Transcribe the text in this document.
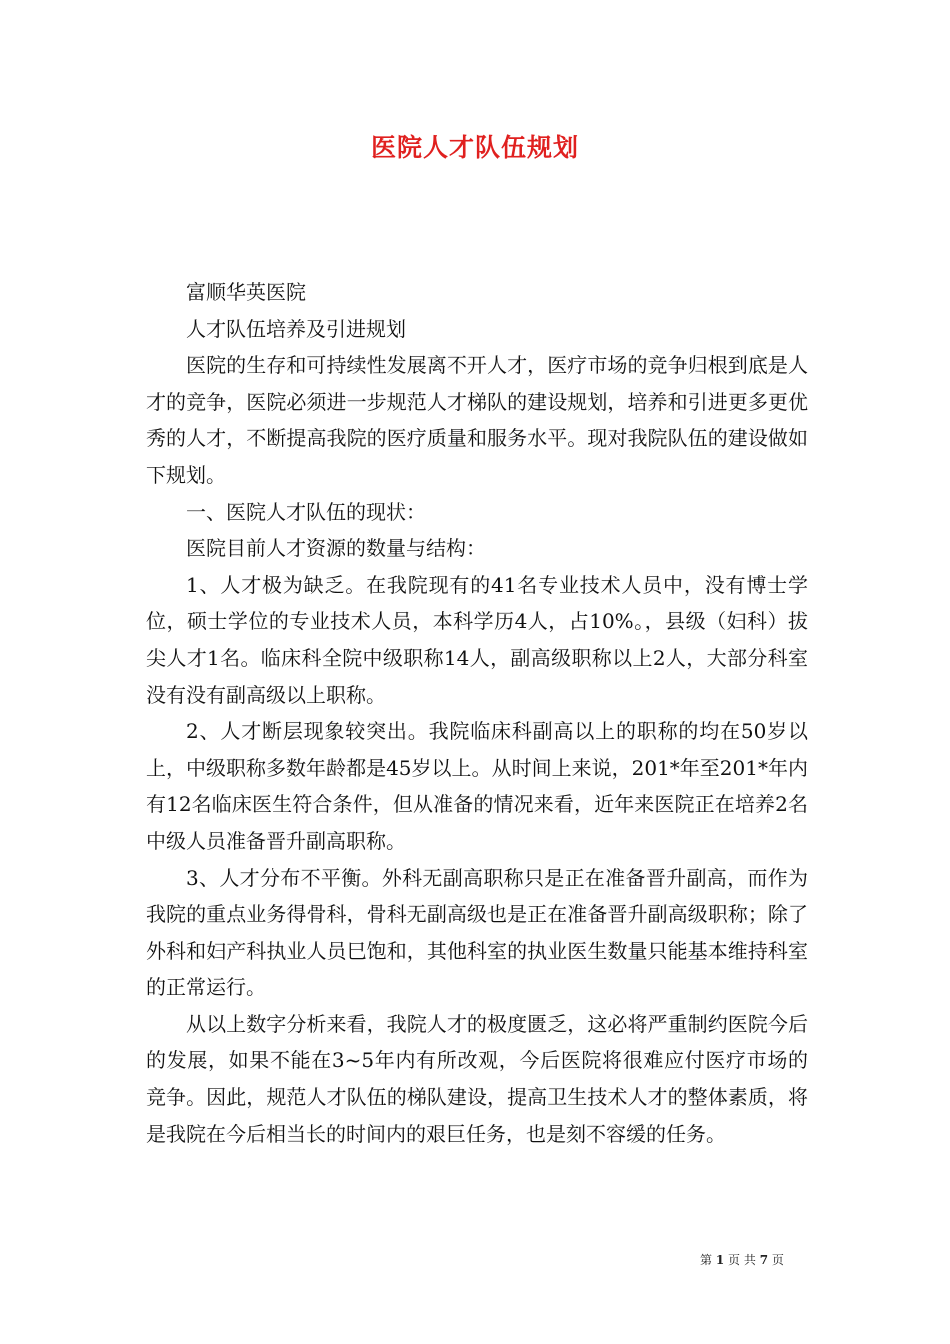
医院人才队伍规划

富顺华英医院

人才队伍培养及引进规划

医院的生存和可持续性发展离不开人才，医疗市场的竞争归根到底是人才的竞争，医院必须进一步规范人才梯队的建设规划，培养和引进更多更优秀的人才，不断提高我院的医疗质量和服务水平。现对我院队伍的建设做如下规划。

一、医院人才队伍的现状：

医院目前人才资源的数量与结构：

1、人才极为缺乏。在我院现有的41名专业技术人员中，没有博士学位，硕士学位的专业技术人员，本科学历4人，占10%。，县级（妇科）拔尖人才1名。临床科全院中级职称14人，副高级职称以上2人，大部分科室没有没有副高级以上职称。

2、人才断层现象较突出。我院临床科副高以上的职称的均在50岁以上，中级职称多数年龄都是45岁以上。从时间上来说，201*年至201*年内有12名临床医生符合条件，但从准备的情况来看，近年来医院正在培养2名中级人员准备晋升副高职称。

3、人才分布不平衡。外科无副高职称只是正在准备晋升副高，而作为我院的重点业务得骨科，骨科无副高级也是正在准备晋升副高级职称；除了外科和妇产科执业人员巳饱和，其他科室的执业医生数量只能基本维持科室的正常运行。

从以上数字分析来看，我院人才的极度匮乏，这必将严重制约医院今后的发展，如果不能在3~5年内有所改观，今后医院将很难应付医疗市场的竞争。因此，规范人才队伍的梯队建设，提高卫生技术人才的整体素质，将是我院在今后相当长的时间内的艰巨任务，也是刻不容缓的任务。

第 1 页 共 7 页
